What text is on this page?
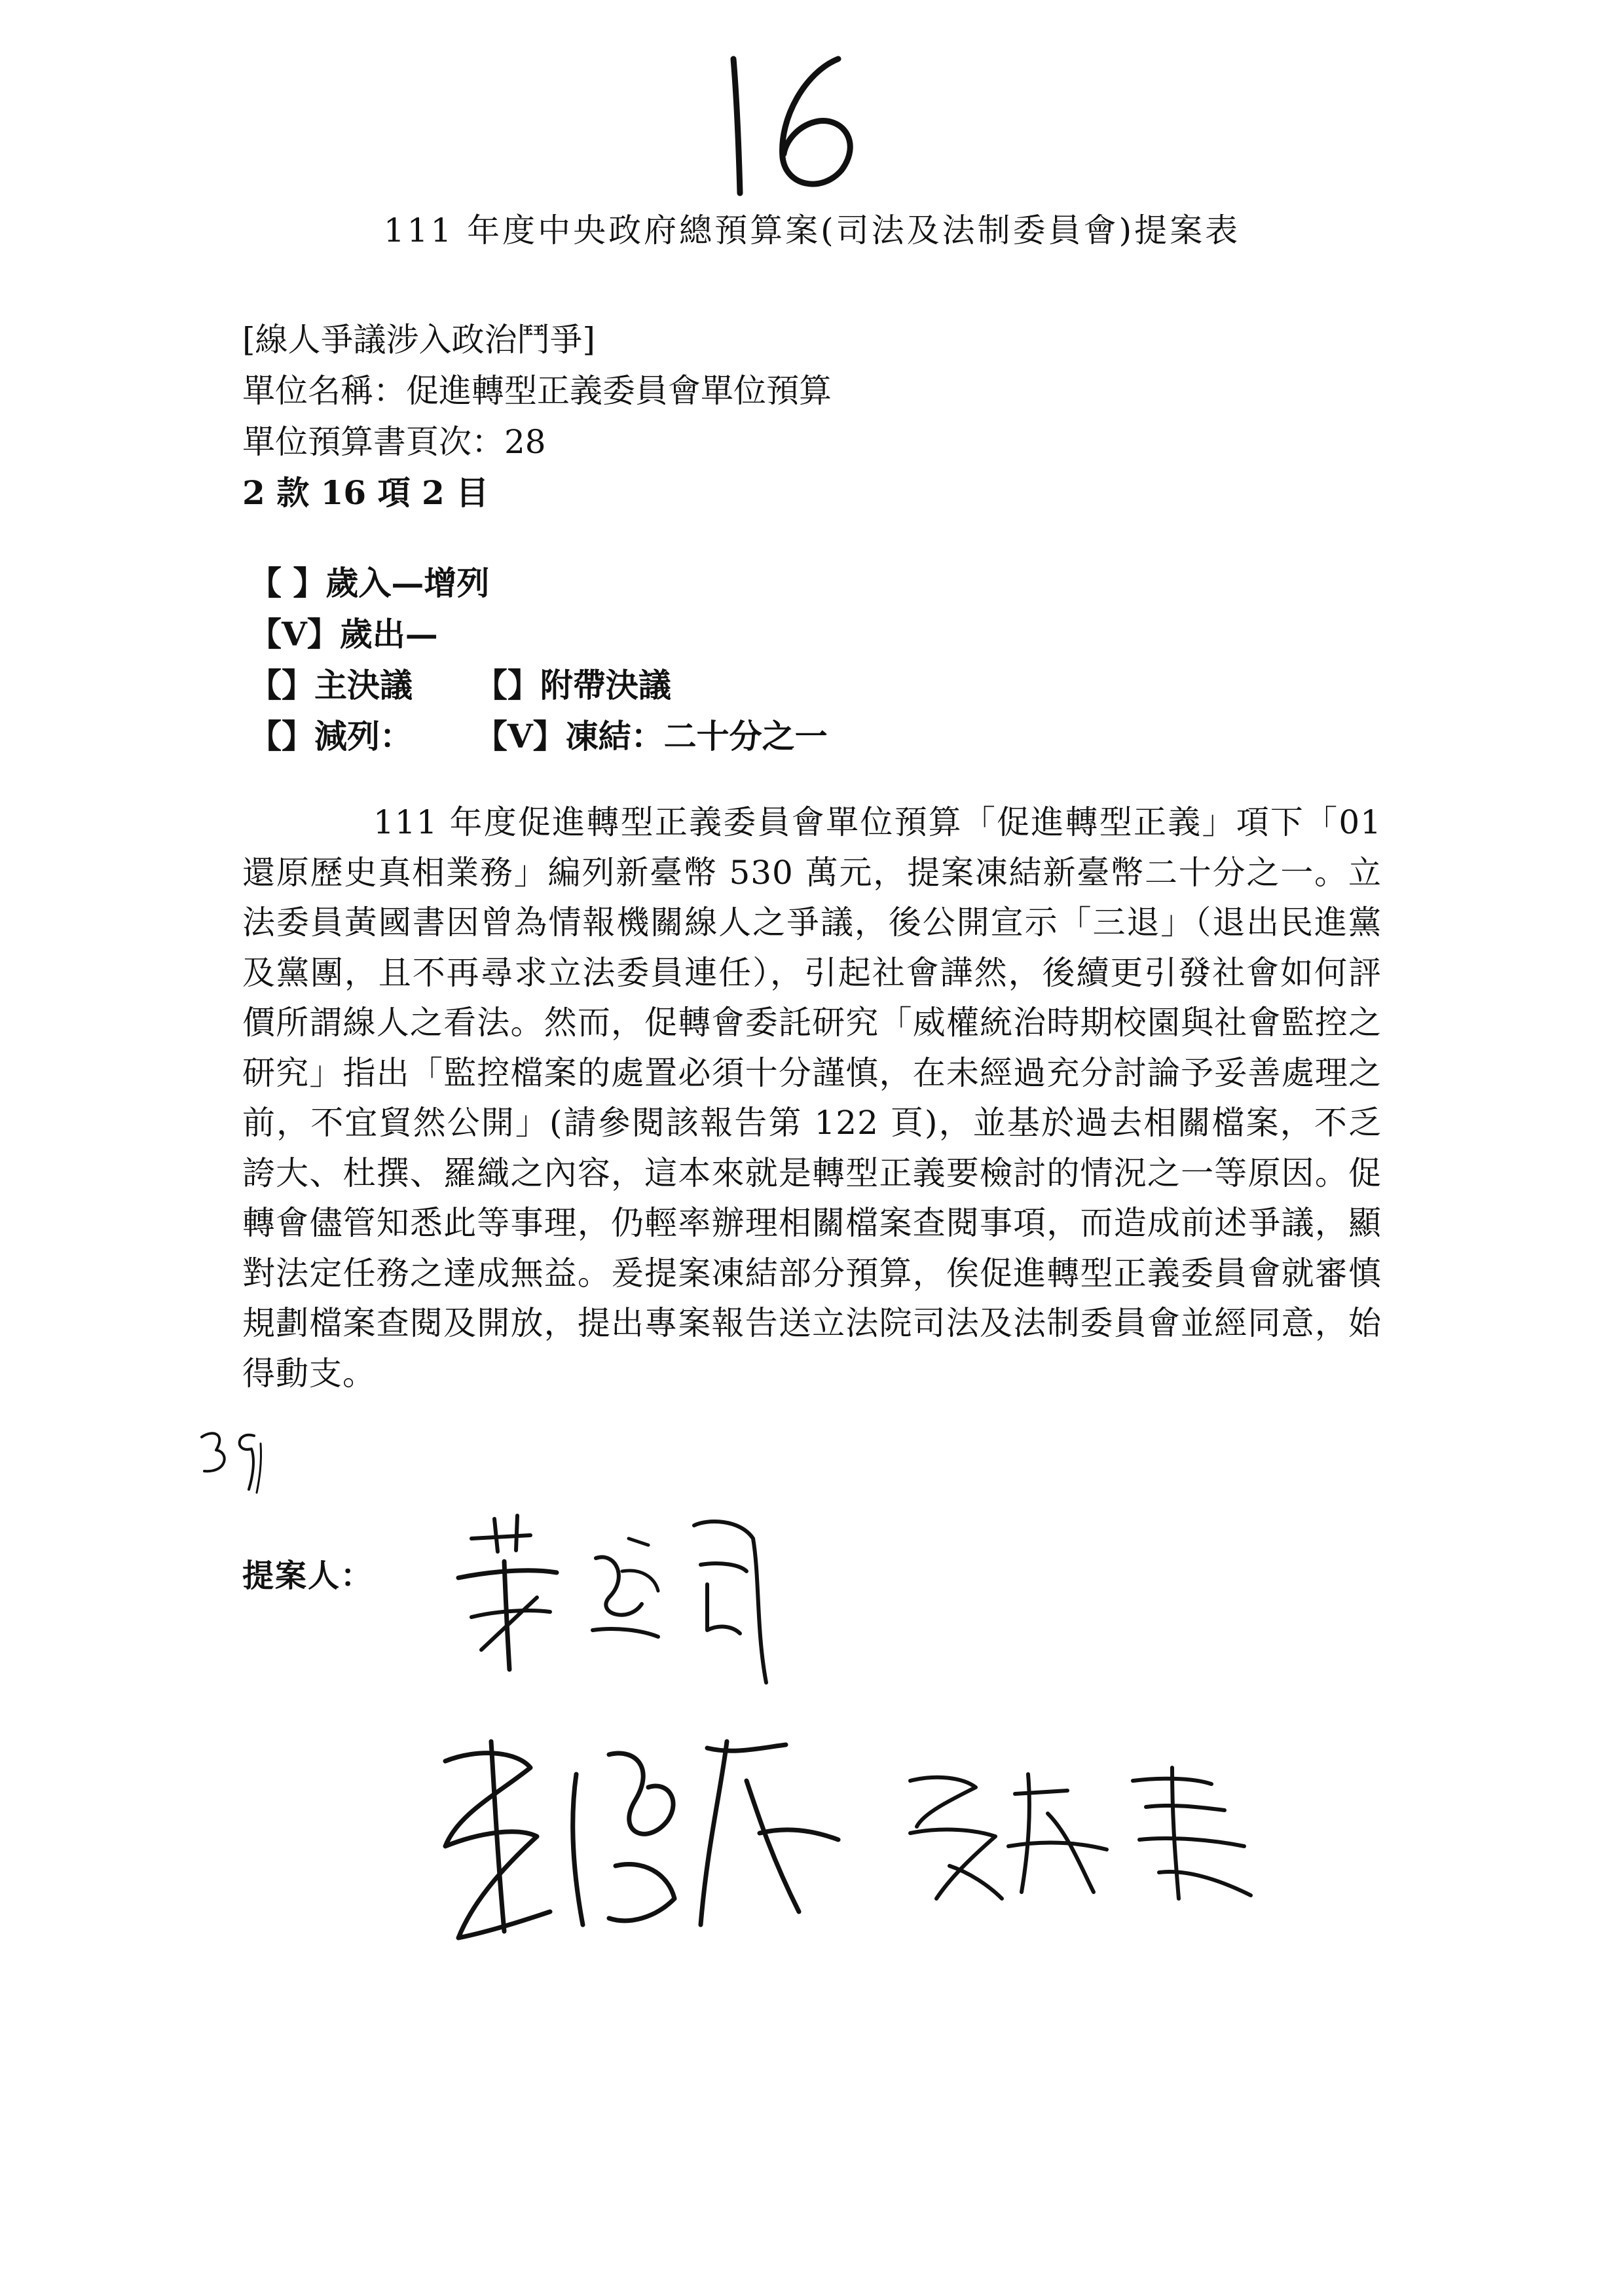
111 年度中央政府總預算案(司法及法制委員會)提案表
[線人爭議涉入政治鬥爭]
單位名稱：促進轉型正義委員會單位預算
單位預算書頁次：28
2 款 16 項 2 目
【 】歲入—增列
【V】歲出—
【】主決議 【】附帶決議
【】減列： 【V】凍結：二十分之一
111 年度促進轉型正義委員會單位預算「促進轉型正義」項下「01 還原歷史真相業務」編列新臺幣 530 萬元，提案凍結新臺幣二十分之一。立法委員黃國書因曾為情報機關線人之爭議，後公開宣示「三退」（退出民進黨及黨團，且不再尋求立法委員連任），引起社會譁然，後續更引發社會如何評價所謂線人之看法。然而，促轉會委託研究「威權統治時期校園與社會監控之研究」指出「監控檔案的處置必須十分謹慎，在未經過充分討論予妥善處理之前，不宜貿然公開」(請參閱該報告第 122 頁)，並基於過去相關檔案，不乏誇大、杜撰、羅織之內容，這本來就是轉型正義要檢討的情況之一等原因。促轉會儘管知悉此等事理，仍輕率辦理相關檔案查閱事項，而造成前述爭議，顯對法定任務之達成無益。爰提案凍結部分預算，俟促進轉型正義委員會就審慎規劃檔案查閱及開放，提出專案報告送立法院司法及法制委員會並經同意，始得動支。
提案人：
